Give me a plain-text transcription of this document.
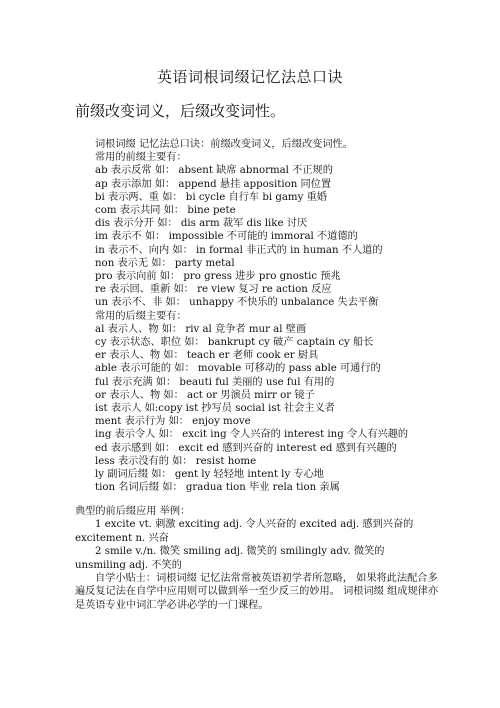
英语词根词缀记忆法总口诀
前缀改变词义，后缀改变词性。
词根词缀 记忆法总口诀：前缀改变词义，后缀改变词性。
常用的前缀主要有：
ab 表示反常 如： absent 缺席 abnormal 不正规的
ap 表示添加 如： append 悬挂 apposition 同位置
bi 表示两、重 如： bi cycle 自行车 bi gamy 重婚
com 表示共同 如： bine pete
dis 表示分开 如： dis arm 裁军 dis like 讨厌
im 表示不 如： impossible 不可能的 immoral 不道德的
in 表示不、向内 如： in formal 非正式的 in human 不人道的
non 表示无 如： party metal
pro 表示向前 如： pro gress 进步 pro gnostic 预兆
re 表示回、重新 如： re view 复习 re action 反应
un 表示不、非 如： unhappy 不快乐的 unbalance 失去平衡
常用的后缀主要有：
al 表示人、物 如： riv al 竞争者 mur al 壁画
cy 表示状态、职位 如： bankrupt cy 破产 captain cy 船长
er 表示人、物 如： teach er 老师 cook er 厨具
able 表示可能的 如： movable 可移动的 pass able 可通行的
ful 表示充满 如： beauti ful 美丽的 use ful 有用的
or 表示人、物 如： act or 男演员 mirr or 镜子
ist 表示人 如:copy ist 抄写员 social ist 社会主义者
ment 表示行为 如： enjoy move
ing 表示令人 如： excit ing 令人兴奋的 interest ing 令人有兴趣的
ed 表示感到 如： excit ed 感到兴奋的 interest ed 感到有兴趣的
less 表示没有的 如： resist home
ly 副词后缀 如： gent ly 轻轻地 intent ly 专心地
tion 名词后缀 如： gradua tion 毕业 rela tion 亲属
典型的前后缀应用 举例：
1 excite vt. 刺激 exciting adj. 令人兴奋的 excited adj. 感到兴奋的
excitement n. 兴奋
2 smile v./n. 微笑 smiling adj. 微笑的 smilingly adv. 微笑的
unsmiling adj. 不笑的
自学小贴士：词根词缀 记忆法常常被英语初学者所忽略， 如果将此法配合多
遍反复记法在自学中应用则可以做到举一至少反三的妙用。 词根词缀 组成规律亦
是英语专业中词汇学必讲必学的一门课程。
